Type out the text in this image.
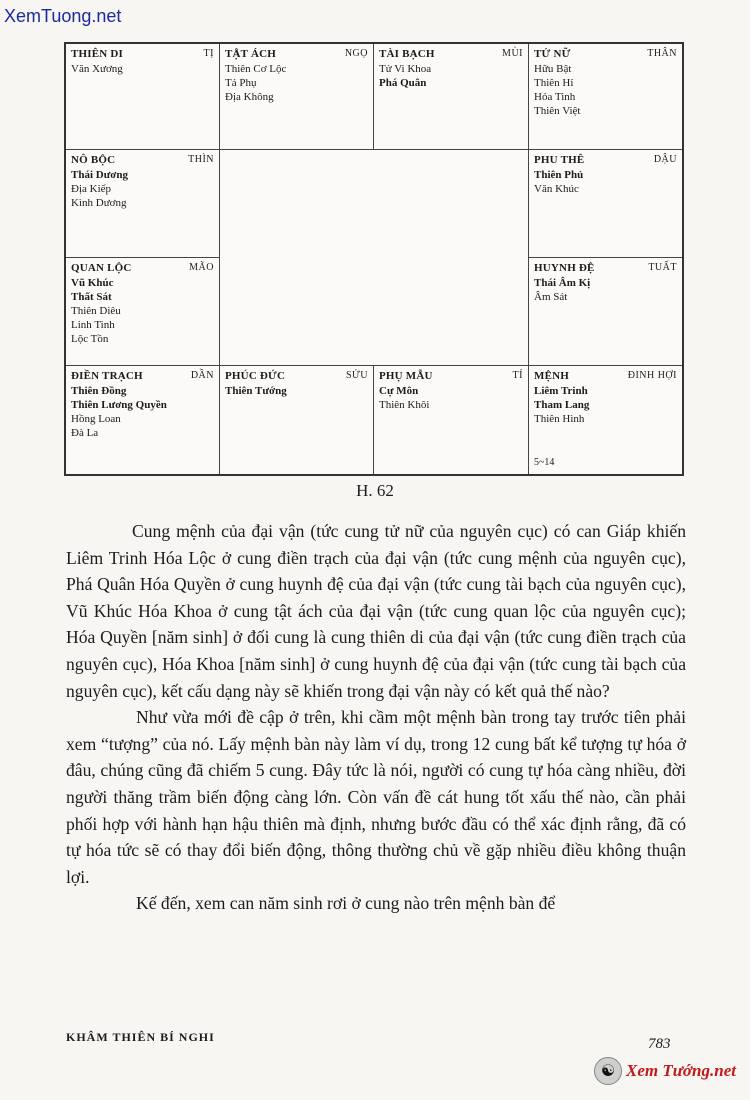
XemTuong.net
THIÊN DI	TỊ
Văn Xương
TẬT ÁCH	NGỌ
Thiên Cơ Lộc
Tả Phụ
Địa Không
TÀI BẠCH	MÙI
Tử Vi Khoa
Phá Quân
TỬ NỮ	THÂN
Hữu Bật
Thiên Hỉ
Hỏa Tinh
Thiên Việt
NÔ BỘC	THÌN
Thái Dương
Địa Kiếp
Kình Dương
PHU THÊ	DẬU
Thiên Phủ
Văn Khúc
QUAN LỘC	MÃO
Vũ Khúc
Thất Sát
Thiên Diêu
Linh Tinh
Lộc Tồn
HUYNH ĐỆ	TUẤT
Thái Âm Kị
Âm Sát
ĐIỀN TRẠCH	DẦN
Thiên Đồng
Thiên Lương Quyền
Hồng Loan
Đà La
PHÚC ĐỨC	SỬU
Thiên Tướng
PHỤ MẪU	TÍ
Cự Môn
Thiên Khôi
MỆNH	ĐINH HỢI
Liêm Trinh
Tham Lang
Thiên Hình
5~14
H. 62

Cung mệnh của đại vận (tức cung tử nữ của nguyên cục) có can Giáp khiến Liêm Trinh Hóa Lộc ở cung điền trạch của đại vận (tức cung mệnh của nguyên cục), Phá Quân Hóa Quyền ở cung huynh đệ của đại vận (tức cung tài bạch của nguyên cục), Vũ Khúc Hóa Khoa ở cung tật ách của đại vận (tức cung quan lộc của nguyên cục); Hóa Quyền [năm sinh] ở đối cung là cung thiên di của đại vận (tức cung điền trạch của nguyên cục), Hóa Khoa [năm sinh] ở cung huynh đệ của đại vận (tức cung tài bạch của nguyên cục), kết cấu dạng này sẽ khiến trong đại vận này có kết quả thế nào?

Như vừa mới đề cập ở trên, khi cầm một mệnh bàn trong tay trước tiên phải xem “tượng” của nó. Lấy mệnh bàn này làm ví dụ, trong 12 cung bất kể tượng tự hóa ở đâu, chúng cũng đã chiếm 5 cung. Đây tức là nói, người có cung tự hóa càng nhiều, đời người thăng trầm biến động càng lớn. Còn vấn đề cát hung tốt xấu thế nào, cần phải phối hợp với hành hạn hậu thiên mà định, nhưng bước đầu có thể xác định rằng, đã có tự hóa tức sẽ có thay đổi biến động, thông thường chủ về gặp nhiều điều không thuận lợi.

Kế đến, xem can năm sinh rơi ở cung nào trên mệnh bàn để

KHÂM THIÊN BÍ NGHI	783
☯ Xem Tướng.net
